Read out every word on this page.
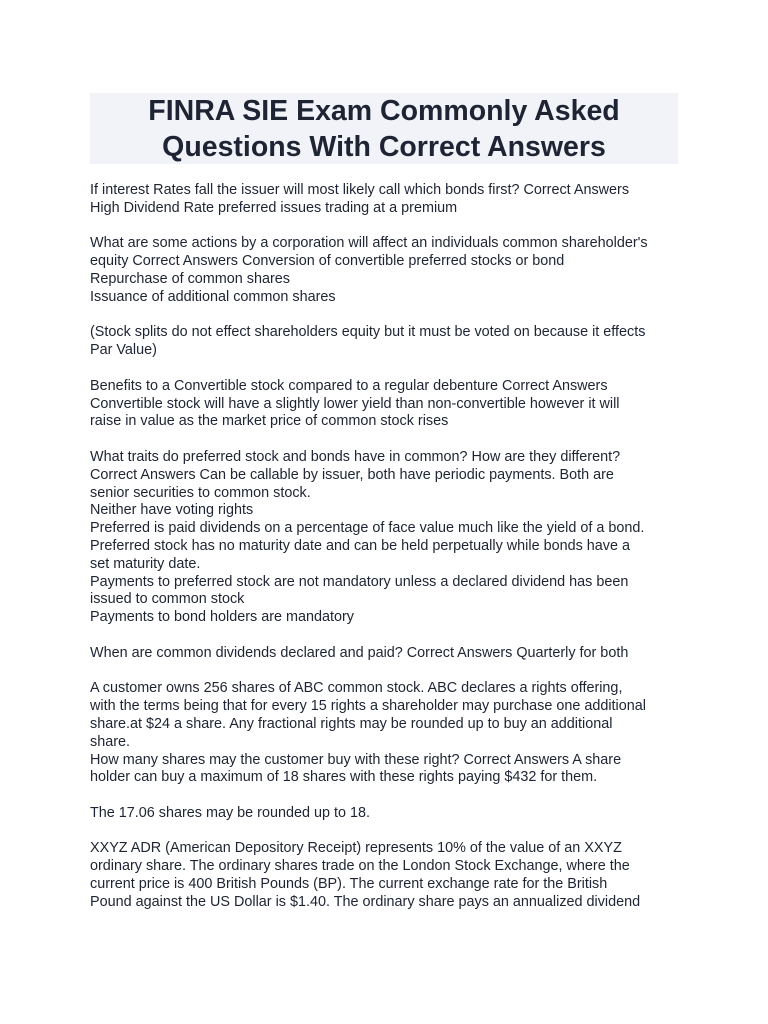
FINRA SIE Exam Commonly Asked
Questions With Correct Answers
If interest Rates fall the issuer will most likely call which bonds first? Correct Answers
High Dividend Rate preferred issues trading at a premium
What are some actions by a corporation will affect an individuals common shareholder's
equity Correct Answers Conversion of convertible preferred stocks or bond
Repurchase of common shares
Issuance of additional common shares
(Stock splits do not effect shareholders equity but it must be voted on because it effects
Par Value)
Benefits to a Convertible stock compared to a regular debenture Correct Answers
Convertible stock will have a slightly lower yield than non-convertible however it will
raise in value as the market price of common stock rises
What traits do preferred stock and bonds have in common? How are they different?
Correct Answers Can be callable by issuer, both have periodic payments. Both are
senior securities to common stock.
Neither have voting rights
Preferred is paid dividends on a percentage of face value much like the yield of a bond.
Preferred stock has no maturity date and can be held perpetually while bonds have a
set maturity date.
Payments to preferred stock are not mandatory unless a declared dividend has been
issued to common stock
Payments to bond holders are mandatory
When are common dividends declared and paid? Correct Answers Quarterly for both
A customer owns 256 shares of ABC common stock. ABC declares a rights offering,
with the terms being that for every 15 rights a shareholder may purchase one additional
share.at $24 a share. Any fractional rights may be rounded up to buy an additional
share.
How many shares may the customer buy with these right? Correct Answers A share
holder can buy a maximum of 18 shares with these rights paying $432 for them.
The 17.06 shares may be rounded up to 18.
XXYZ ADR (American Depository Receipt) represents 10% of the value of an XXYZ
ordinary share. The ordinary shares trade on the London Stock Exchange, where the
current price is 400 British Pounds (BP). The current exchange rate for the British
Pound against the US Dollar is $1.40. The ordinary share pays an annualized dividend
